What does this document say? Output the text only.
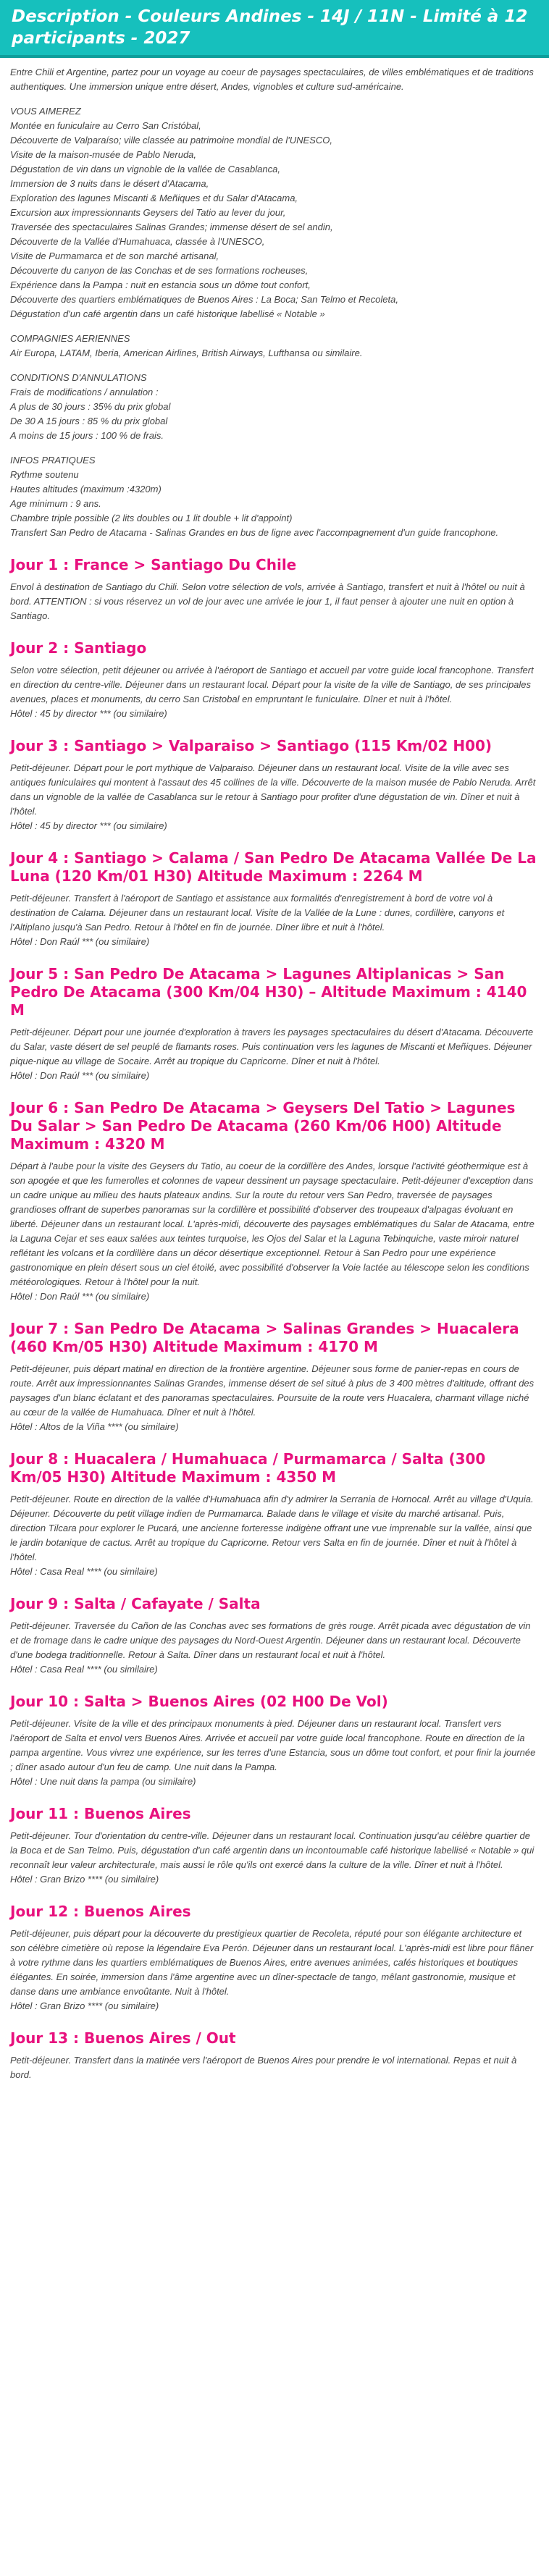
Description - Couleurs Andines - 14J / 11N - Limité à 12 participants - 2027

Entre Chili et Argentine, partez pour un voyage au coeur de paysages spectaculaires, de villes emblématiques et de traditions authentiques. Une immersion unique entre désert, Andes, vignobles et culture sud-américaine.

VOUS AIMEREZ

Montée en funiculaire au Cerro San Cristóbal,
Découverte de Valparaíso; ville classée au patrimoine mondial de l'UNESCO,
Visite de la maison-musée de Pablo Neruda,
Dégustation de vin dans un vignoble de la vallée de Casablanca,
Immersion de 3 nuits dans le désert d'Atacama,
Exploration des lagunes Miscanti & Meñiques et du Salar d'Atacama,
Excursion aux impressionnants Geysers del Tatio au lever du jour,
Traversée des spectaculaires Salinas Grandes; immense désert de sel andin,
Découverte de la Vallée d'Humahuaca, classée à l'UNESCO,
Visite de Purmamarca et de son marché artisanal,
Découverte du canyon de las Conchas et de ses formations rocheuses,
Expérience dans la Pampa : nuit en estancia sous un dôme tout confort,
Découverte des quartiers emblématiques de Buenos Aires : La Boca; San Telmo et Recoleta,
Dégustation d'un café argentin dans un café historique labellisé « Notable »

COMPAGNIES AERIENNES

Air Europa, LATAM, Iberia, American Airlines, British Airways, Lufthansa ou similaire.

CONDITIONS D'ANNULATIONS

Frais de modifications / annulation :
A plus de 30 jours : 35% du prix global
De 30 A 15 jours : 85 % du prix global
A moins de 15 jours : 100 % de frais.

INFOS PRATIQUES

Rythme soutenu
Hautes altitudes (maximum :4320m)
Age minimum : 9 ans.
Chambre triple possible (2 lits doubles ou 1 lit double + lit d'appoint)
Transfert San Pedro de Atacama - Salinas Grandes en bus de ligne avec l'accompagnement d'un guide francophone.

Jour 1 : France > Santiago Du Chile

Envol à destination de Santiago du Chili. Selon votre sélection de vols, arrivée à Santiago, transfert et nuit à l'hôtel ou nuit à bord. ATTENTION : si vous réservez un vol de jour avec une arrivée le jour 1, il faut penser à ajouter une nuit en option à Santiago.

Jour 2 : Santiago

Selon votre sélection, petit déjeuner ou arrivée à l'aéroport de Santiago et accueil par votre guide local francophone. Transfert en direction du centre-ville. Déjeuner dans un restaurant local. Départ pour la visite de la ville de Santiago, de ses principales avenues, places et monuments, du cerro San Cristobal en empruntant le funiculaire. Dîner et nuit à l'hôtel.

Hôtel : 45 by director *** (ou similaire)

Jour 3 : Santiago > Valparaiso > Santiago (115 Km/02 H00)

Petit-déjeuner. Départ pour le port mythique de Valparaiso. Déjeuner dans un restaurant local. Visite de la ville avec ses antiques funiculaires qui montent à l'assaut des 45 collines de la ville. Découverte de la maison musée de Pablo Neruda. Arrêt dans un vignoble de la vallée de Casablanca sur le retour à Santiago pour profiter d'une dégustation de vin. Dîner et nuit à l'hôtel.

Hôtel : 45 by director *** (ou similaire)

Jour 4 : Santiago > Calama / San Pedro De Atacama Vallée De La Luna (120 Km/01 H30) Altitude Maximum : 2264 M

Petit-déjeuner. Transfert à l'aéroport de Santiago et assistance aux formalités d'enregistrement à bord de votre vol à destination de Calama. Déjeuner dans un restaurant local. Visite de la Vallée de la Lune : dunes, cordillère, canyons et l'Altiplano jusqu'à San Pedro. Retour à l'hôtel en fin de journée. Dîner libre et nuit à l'hôtel.

Hôtel : Don Raúl *** (ou similaire)

Jour 5 : San Pedro De Atacama > Lagunes Altiplanicas > San Pedro De Atacama (300 Km/04 H30) – Altitude Maximum : 4140 M

Petit-déjeuner. Départ pour une journée d'exploration à travers les paysages spectaculaires du désert d'Atacama. Découverte du Salar, vaste désert de sel peuplé de flamants roses. Puis continuation vers les lagunes de Miscanti et Meñiques. Déjeuner pique-nique au village de Socaire. Arrêt au tropique du Capricorne. Dîner et nuit à l'hôtel.

Hôtel : Don Raúl *** (ou similaire)

Jour 6 : San Pedro De Atacama > Geysers Del Tatio > Lagunes Du Salar > San Pedro De Atacama (260 Km/06 H00) Altitude Maximum : 4320 M

Départ à l'aube pour la visite des Geysers du Tatio, au coeur de la cordillère des Andes, lorsque l'activité géothermique est à son apogée et que les fumerolles et colonnes de vapeur dessinent un paysage spectaculaire. Petit-déjeuner d'exception dans un cadre unique au milieu des hauts plateaux andins. Sur la route du retour vers San Pedro, traversée de paysages grandioses offrant de superbes panoramas sur la cordillère et possibilité d'observer des troupeaux d'alpagas évoluant en liberté. Déjeuner dans un restaurant local. L'après-midi, découverte des paysages emblématiques du Salar de Atacama, entre la Laguna Cejar et ses eaux salées aux teintes turquoise, les Ojos del Salar et la Laguna Tebinquiche, vaste miroir naturel reflétant les volcans et la cordillère dans un décor désertique exceptionnel. Retour à San Pedro pour une expérience gastronomique en plein désert sous un ciel étoilé, avec possibilité d'observer la Voie lactée au télescope selon les conditions météorologiques. Retour à l'hôtel pour la nuit.

Hôtel : Don Raúl *** (ou similaire)

Jour 7 : San Pedro De Atacama > Salinas Grandes > Huacalera (460 Km/05 H30) Altitude Maximum : 4170 M

Petit-déjeuner, puis départ matinal en direction de la frontière argentine. Déjeuner sous forme de panier-repas en cours de route. Arrêt aux impressionnantes Salinas Grandes, immense désert de sel situé à plus de 3 400 mètres d'altitude, offrant des paysages d'un blanc éclatant et des panoramas spectaculaires. Poursuite de la route vers Huacalera, charmant village niché au cœur de la vallée de Humahuaca. Dîner et nuit à l'hôtel.

Hôtel : Altos de la Viña **** (ou similaire)

Jour 8 : Huacalera / Humahuaca / Purmamarca / Salta (300 Km/05 H30) Altitude Maximum : 4350 M

Petit-déjeuner. Route en direction de la vallée d'Humahuaca afin d'y admirer la Serrania de Hornocal. Arrêt au village d'Uquia. Déjeuner. Découverte du petit village indien de Purmamarca. Balade dans le village et visite du marché artisanal. Puis, direction Tilcara pour explorer le Pucará, une ancienne forteresse indigène offrant une vue imprenable sur la vallée, ainsi que le jardin botanique de cactus. Arrêt au tropique du Capricorne. Retour vers Salta en fin de journée. Dîner et nuit à l'hôtel à l'hôtel.

Hôtel : Casa Real **** (ou similaire)

Jour 9 : Salta / Cafayate / Salta

Petit-déjeuner. Traversée du Cañon de las Conchas avec ses formations de grès rouge. Arrêt picada avec dégustation de vin et de fromage dans le cadre unique des paysages du Nord-Ouest Argentin. Déjeuner dans un restaurant local. Découverte d'une bodega traditionnelle. Retour à Salta. Dîner dans un restaurant local et nuit à l'hôtel.

Hôtel : Casa Real **** (ou similaire)

Jour 10 : Salta > Buenos Aires (02 H00 De Vol)

Petit-déjeuner. Visite de la ville et des principaux monuments à pied. Déjeuner dans un restaurant local. Transfert vers l'aéroport de Salta et envol vers Buenos Aires. Arrivée et accueil par votre guide local francophone. Route en direction de la pampa argentine. Vous vivrez une expérience, sur les terres d'une Estancia, sous un dôme tout confort, et pour finir la journée ; dîner asado autour d'un feu de camp. Une nuit dans la Pampa.

Hôtel : Une nuit dans la pampa (ou similaire)

Jour 11 : Buenos Aires

Petit-déjeuner. Tour d'orientation du centre-ville. Déjeuner dans un restaurant local. Continuation jusqu'au célèbre quartier de la Boca et de San Telmo. Puis, dégustation d'un café argentin dans un incontournable café historique labellisé « Notable » qui reconnaît leur valeur architecturale, mais aussi le rôle qu'ils ont exercé dans la culture de la ville. Dîner et nuit à l'hôtel.

Hôtel : Gran Brizo **** (ou similaire)

Jour 12 : Buenos Aires

Petit-déjeuner, puis départ pour la découverte du prestigieux quartier de Recoleta, réputé pour son élégante architecture et son célèbre cimetière où repose la légendaire Eva Perón. Déjeuner dans un restaurant local. L'après-midi est libre pour flâner à votre rythme dans les quartiers emblématiques de Buenos Aires, entre avenues animées, cafés historiques et boutiques élégantes. En soirée, immersion dans l'âme argentine avec un dîner-spectacle de tango, mêlant gastronomie, musique et danse dans une ambiance envoûtante. Nuit à l'hôtel.

Hôtel : Gran Brizo **** (ou similaire)

Jour 13 : Buenos Aires / Out

Petit-déjeuner. Transfert dans la matinée vers l'aéroport de Buenos Aires pour prendre le vol international. Repas et nuit à bord.
